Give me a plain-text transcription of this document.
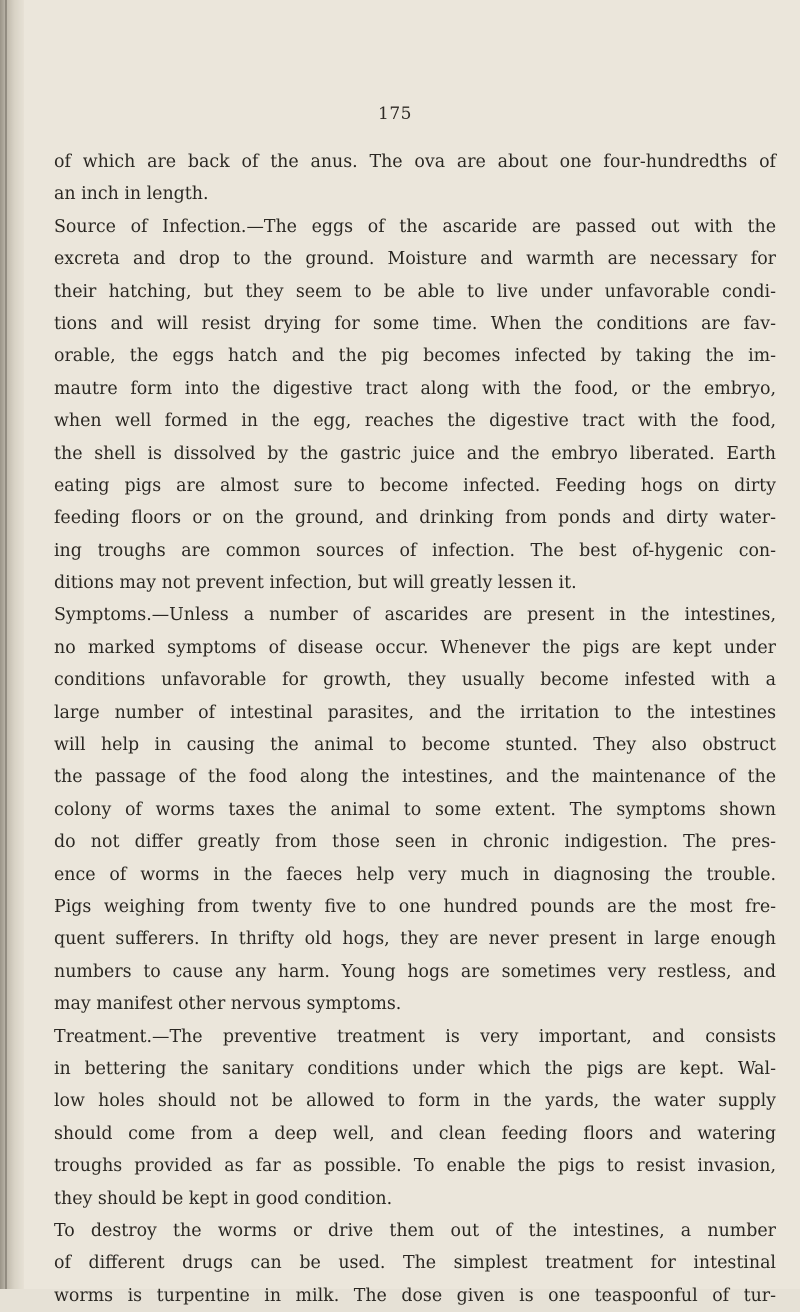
175
of which are back of the anus. The ova are about one four-hundredths of
an inch in length.
Source of Infection.—The eggs of the ascaride are passed out with the
excreta and drop to the ground. Moisture and warmth are necessary for
their hatching, but they seem to be able to live under unfavorable condi-
tions and will resist drying for some time. When the conditions are fav-
orable, the eggs hatch and the pig becomes infected by taking the im-
mautre form into the digestive tract along with the food, or the embryo,
when well formed in the egg, reaches the digestive tract with the food,
the shell is dissolved by the gastric juice and the embryo liberated. Earth
eating pigs are almost sure to become infected. Feeding hogs on dirty
feeding floors or on the ground, and drinking from ponds and dirty water-
ing troughs are common sources of infection. The best of-hygenic con-
ditions may not prevent infection, but will greatly lessen it.
Symptoms.—Unless a number of ascarides are present in the intestines,
no marked symptoms of disease occur. Whenever the pigs are kept under
conditions unfavorable for growth, they usually become infested with a
large number of intestinal parasites, and the irritation to the intestines
will help in causing the animal to become stunted. They also obstruct
the passage of the food along the intestines, and the maintenance of the
colony of worms taxes the animal to some extent. The symptoms shown
do not differ greatly from those seen in chronic indigestion. The pres-
ence of worms in the faeces help very much in diagnosing the trouble.
Pigs weighing from twenty five to one hundred pounds are the most fre-
quent sufferers. In thrifty old hogs, they are never present in large enough
numbers to cause any harm. Young hogs are sometimes very restless, and
may manifest other nervous symptoms.
Treatment.—The preventive treatment is very important, and consists
in bettering the sanitary conditions under which the pigs are kept. Wal-
low holes should not be allowed to form in the yards, the water supply
should come from a deep well, and clean feeding floors and watering
troughs provided as far as possible. To enable the pigs to resist invasion,
they should be kept in good condition.
To destroy the worms or drive them out of the intestines, a number
of different drugs can be used. The simplest treatment for intestinal
worms is turpentine in milk. The dose given is one teaspoonful of tur-
